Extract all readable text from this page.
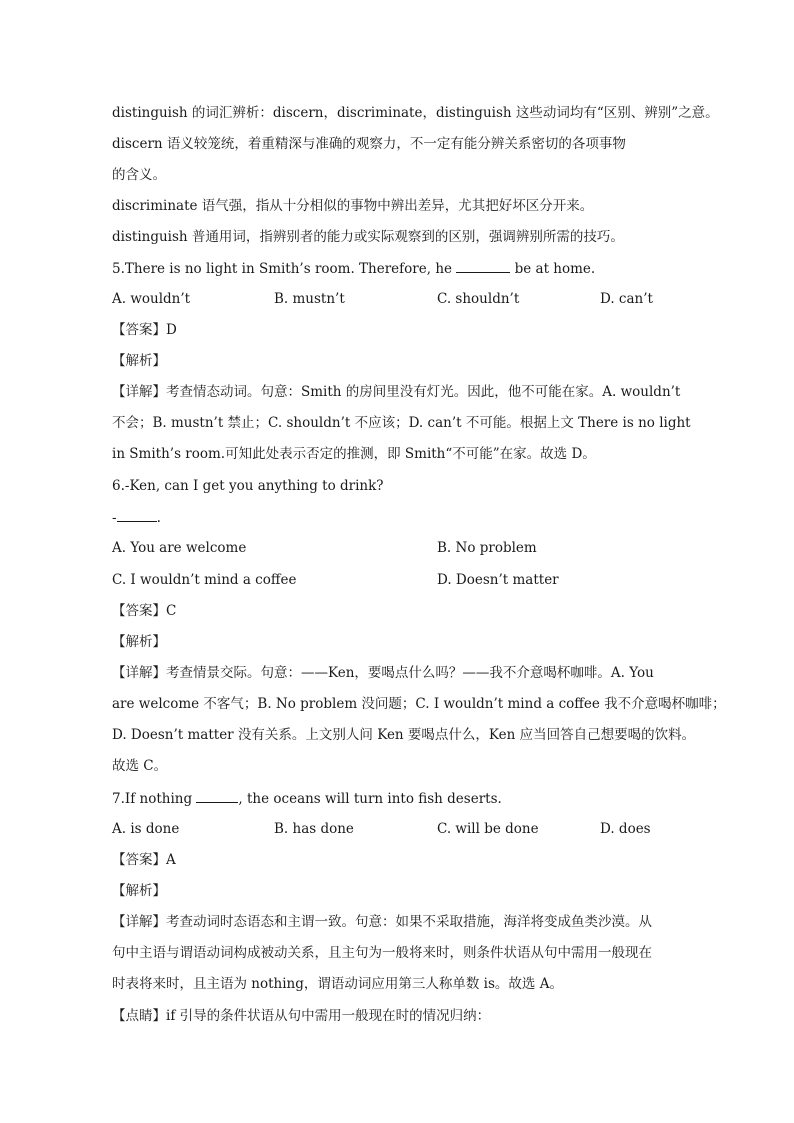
distinguish 的词汇辨析：discern，discriminate，distinguish 这些动词均有“区别、辨别”之意。
discern 语义较笼统，着重精深与准确的观察力，不一定有能分辨关系密切的各项事物
的含义。
discriminate 语气强，指从十分相似的事物中辨出差异，尤其把好坏区分开来。
distinguish 普通用词，指辨别者的能力或实际观察到的区别，强调辨别所需的技巧。
5.There is no light in Smith’s room. Therefore, he	be at home.
A. wouldn’t	B. mustn’t	C. shouldn’t	D. can’t
【答案】D
【解析】
【详解】考查情态动词。句意：Smith 的房间里没有灯光。因此，他不可能在家。A. wouldn’t
不会；B. mustn’t 禁止；C. shouldn’t 不应该；D. can’t 不可能。根据上文 There is no light
in Smith’s room.可知此处表示否定的推测，即 Smith“不可能”在家。故选 D。
6.-Ken, can I get you anything to drink?
-	.
A. You are welcome	B. No problem
C. I wouldn’t mind a coffee	D. Doesn’t matter
【答案】C
【解析】
【详解】考查情景交际。句意：——Ken，要喝点什么吗？——我不介意喝杯咖啡。A. You
are welcome 不客气；B. No problem 没问题；C. I wouldn’t mind a coffee 我不介意喝杯咖啡；
D. Doesn’t matter 没有关系。上文别人问 Ken 要喝点什么，Ken 应当回答自己想要喝的饮料。
故选 C。
7.If nothing	, the oceans will turn into fish deserts.
A. is done	B. has done	C. will be done	D. does
【答案】A
【解析】
【详解】考查动词时态语态和主谓一致。句意：如果不采取措施，海洋将变成鱼类沙漠。从
句中主语与谓语动词构成被动关系，且主句为一般将来时，则条件状语从句中需用一般现在
时表将来时，且主语为 nothing，谓语动词应用第三人称单数 is。故选 A。
【点睛】if 引导的条件状语从句中需用一般现在时的情况归纳：
